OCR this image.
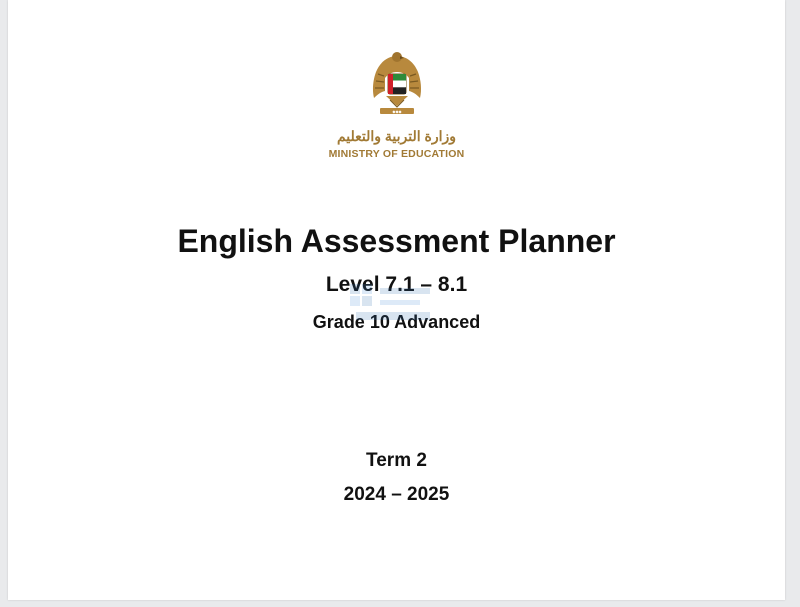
◆◆◆
وزارة التربية والتعليم
MINISTRY OF EDUCATION
English Assessment Planner
Level 7.1 – 8.1
Grade 10 Advanced
Term 2
2024 – 2025
